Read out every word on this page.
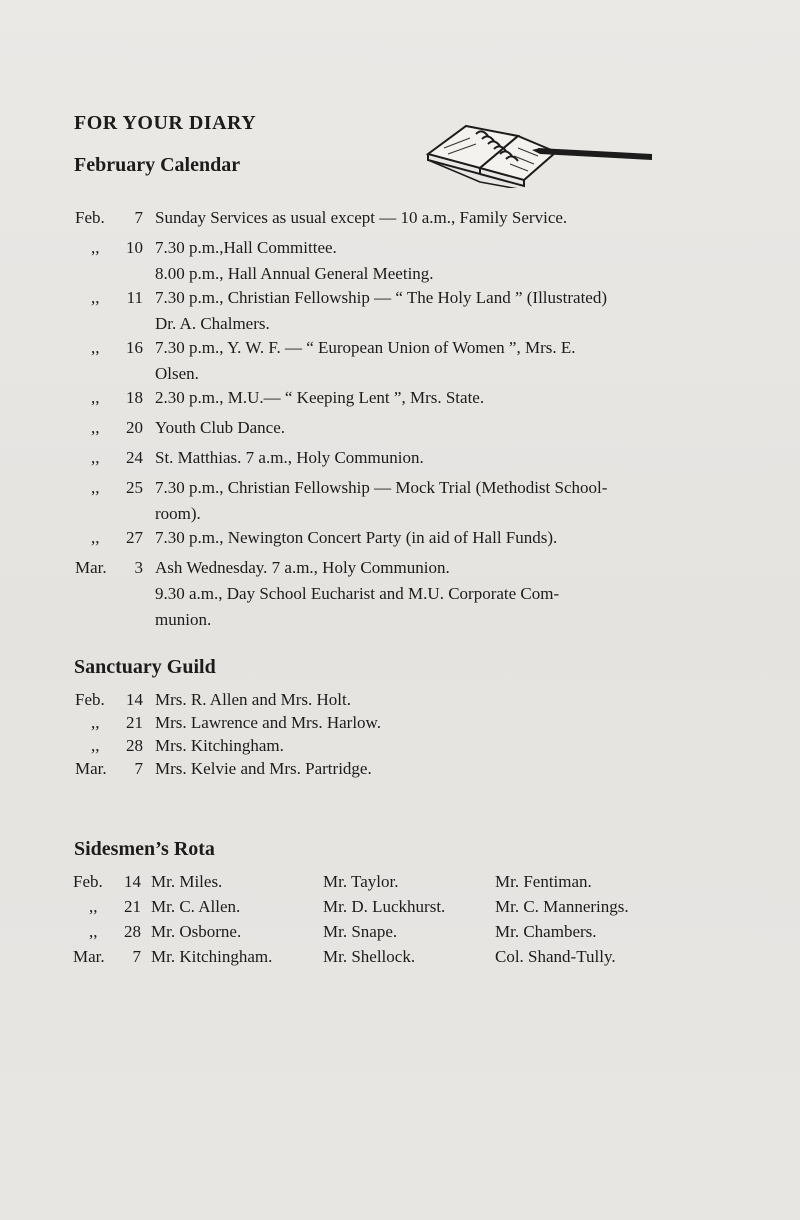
FOR YOUR DIARY
February Calendar
Feb.	7 Sunday Services as usual except — 10 a.m., Family Service.
,,	10 7.30 p.m.,Hall Committee.
8.00 p.m., Hall Annual General Meeting.
,,	11 7.30 p.m., Christian Fellowship — “ The Holy Land ” (Illustrated)
Dr. A. Chalmers.
,,	16 7.30 p.m., Y. W. F. — “ European Union of Women ”, Mrs. E.
Olsen.
,,	18 2.30 p.m., M.U.— “ Keeping Lent ”, Mrs. State.
,,	20 Youth Club Dance.
,,	24 St. Matthias. 7 a.m., Holy Communion.
,,	25 7.30 p.m., Christian Fellowship — Mock Trial (Methodist School-
room).
,,	27 7.30 p.m., Newington Concert Party (in aid of Hall Funds).
Mar.	3 Ash Wednesday. 7 a.m., Holy Communion.
9.30 a.m., Day School Eucharist and M.U. Corporate Com-
munion.
Sanctuary Guild
Feb.	14 Mrs. R. Allen and Mrs. Holt.
,,	21 Mrs. Lawrence and Mrs. Harlow.
,,	28 Mrs. Kitchingham.
Mar.	7 Mrs. Kelvie and Mrs. Partridge.
Sidesmen’s Rota
Feb.	14 Mr. Miles.	Mr. Taylor.	Mr. Fentiman.
,,	21 Mr. C. Allen.	Mr. D. Luckhurst.	Mr. C. Mannerings.
,,	28 Mr. Osborne.	Mr. Snape.	Mr. Chambers.
Mar.	7 Mr. Kitchingham.	Mr. Shellock.	Col. Shand-Tully.
